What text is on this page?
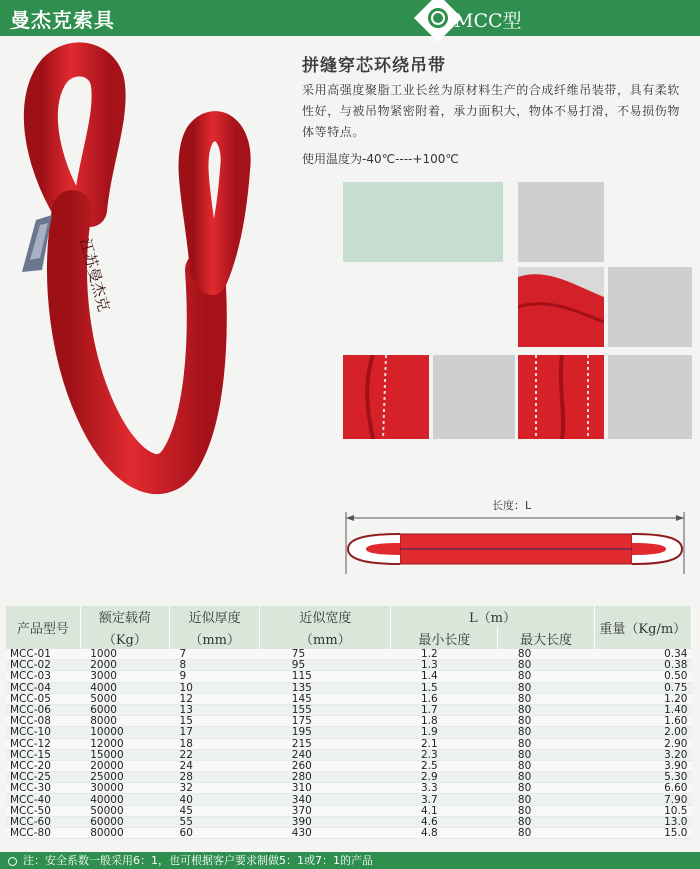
曼杰克索具	MCC型
江苏曼杰克
拼缝穿芯环绕吊带
采用高强度聚脂工业长丝为原材料生产的合成纤维吊装带，具有柔软性好，与被吊物紧密附着，承力面积大，物体不易打滑，不易损伤物体等特点。
使用温度为-40℃----+100℃
长度：L
产品型号	额定载荷	近似厚度	近似宽度	L（m）		重量（Kg/m）
	（Kg）	（mm）	（mm）	最小长度	最大长度	
MCC-01	1000	7	75	1.2	80	0.34
MCC-02	2000	8	95	1.3	80	0.38
MCC-03	3000	9	115	1.4	80	0.50
MCC-04	4000	10	135	1.5	80	0.75
MCC-05	5000	12	145	1.6	80	1.20
MCC-06	6000	13	155	1.7	80	1.40
MCC-08	8000	15	175	1.8	80	1.60
MCC-10	10000	17	195	1.9	80	2.00
MCC-12	12000	18	215	2.1	80	2.90
MCC-15	15000	22	240	2.3	80	3.20
MCC-20	20000	24	260	2.5	80	3.90
MCC-25	25000	28	280	2.9	80	5.30
MCC-30	30000	32	310	3.3	80	6.60
MCC-40	40000	40	340	3.7	80	7.90
MCC-50	50000	45	370	4.1	80	10.5
MCC-60	60000	55	390	4.6	80	13.0
MCC-80	80000	60	430	4.8	80	15.0
注：安全系数一般采用6：1，也可根据客户要求制做5：1或7：1的产品
